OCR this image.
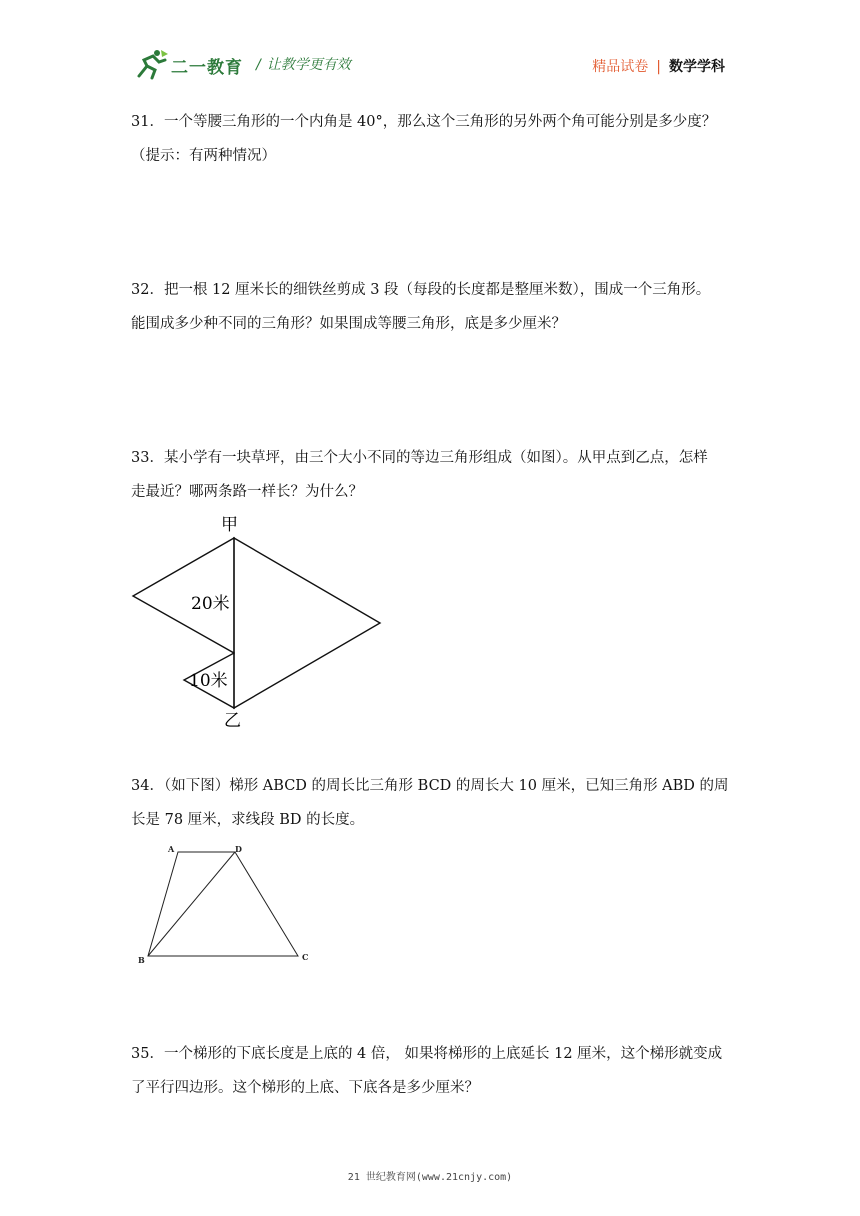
二一教育 / 让教学更有效	精品试卷 | 数学学科

31．一个等腰三角形的一个内角是 40°，那么这个三角形的另外两个角可能分别是多少度？

（提示：有两种情况）

32．把一根 12 厘米长的细铁丝剪成 3 段（每段的长度都是整厘米数），围成一个三角形。

能围成多少种不同的三角形？如果围成等腰三角形，底是多少厘米？

33．某小学有一块草坪，由三个大小不同的等边三角形组成（如图）。从甲点到乙点，怎样

走最近？哪两条路一样长？为什么？

甲
乙
20米
10米

34．（如下图）梯形 ABCD 的周长比三角形 BCD 的周长大 10 厘米，已知三角形 ABD 的周

长是 78 厘米，求线段 BD 的长度。

A	D
B	C

35．一个梯形的下底长度是上底的 4 倍， 如果将梯形的上底延长 12 厘米，这个梯形就变成

了平行四边形。这个梯形的上底、下底各是多少厘米？

21 世纪教育网(www.21cnjy.com)
